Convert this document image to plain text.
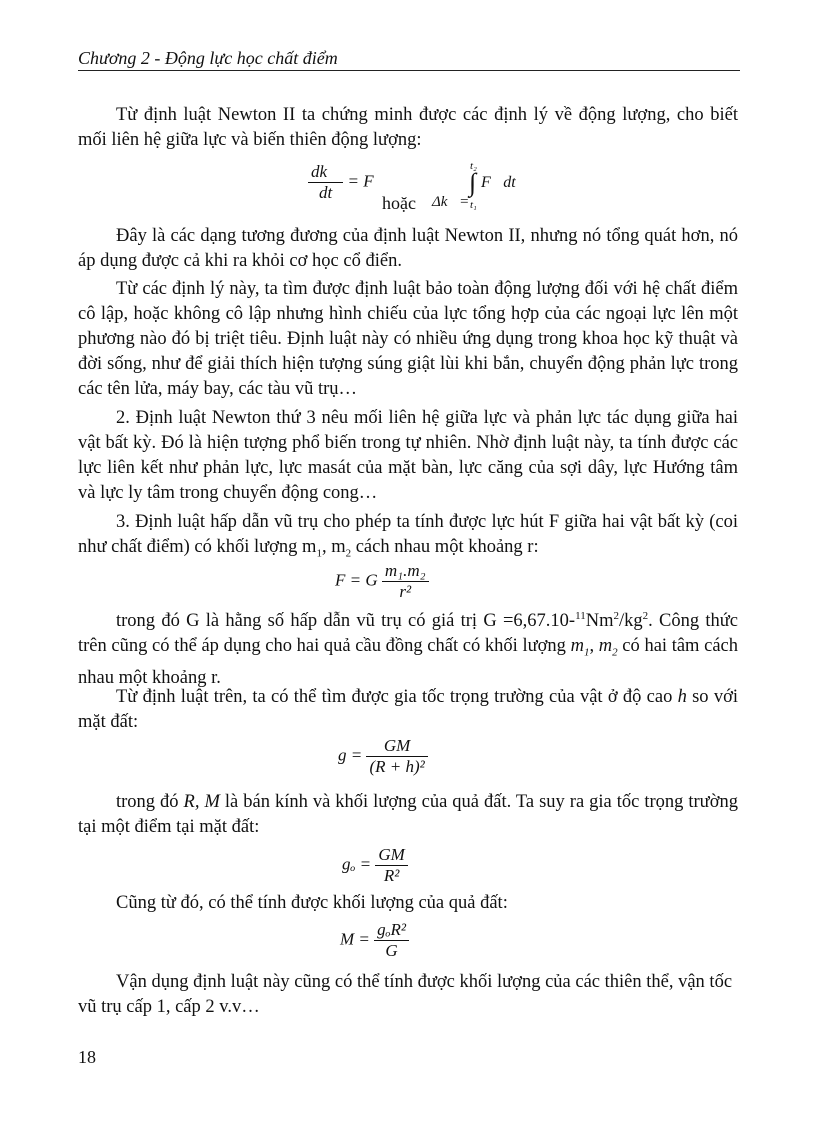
Chương 2 - Động lực học chất điểm

Từ định luật Newton II ta chứng minh được các định lý về động lượng, cho biết mối liên hệ giữa lực và biến thiên động lượng:

$\frac{dk⃗}{dt}$ = F⃗
hoặc Δk⃗=
t₂
∫
t₁
F⃗dt

Đây là các dạng tương đương của định luật Newton II, nhưng nó tổng quát hơn, nó áp dụng được cả khi ra khỏi cơ học cổ điển.

Từ các định lý này, ta tìm được định luật bảo toàn động lượng đối với hệ chất điểm cô lập, hoặc không cô lập nhưng hình chiếu của lực tổng hợp của các ngoại lực lên một phương nào đó bị triệt tiêu. Định luật này có nhiều ứng dụng trong khoa học kỹ thuật và đời sống, như để giải thích hiện tượng súng giật lùi khi bắn, chuyển động phản lực trong các tên lửa, máy bay, các tàu vũ trụ…

2. Định luật Newton thứ 3 nêu mối liên hệ giữa lực và phản lực tác dụng giữa hai vật bất kỳ. Đó là hiện tượng phổ biến trong tự nhiên. Nhờ định luật này, ta tính được các lực liên kết như phản lực, lực masát của mặt bàn, lực căng của sợi dây, lực Hướng tâm và lực ly tâm trong chuyển động cong…

3. Định luật hấp dẫn vũ trụ cho phép ta tính được lực hút F giữa hai vật bất kỳ (coi như chất điểm) có khối lượng $m_1$, $m_2$ cách nhau một khoảng r:

F = G $\frac{\text{m₁.m₂}}{\text{r²}}$

trong đó G là hằng số hấp dẫn vũ trụ có giá trị $G =6,67.10-^{11}Nm^2/kg^2$. Công thức trên cũng có thể áp dụng cho hai quả cầu đồng chất có khối lượng $m_1$, $m_2$ có hai tâm cách nhau một khoảng r.

Từ định luật trên, ta có thể tìm được gia tốc trọng trường của vật ở độ cao h so với mặt đất:

$g = \frac{GM}{\text{(R + h)²}}$

trong đó R, M là bán kính và khối lượng của quả đất. Ta suy ra gia tốc trọng trường tại một điểm tại mặt đất:

$g_o = \frac{GM}{\text{R²}}$

Cũng từ đó, có thể tính được khối lượng của quả đất:

$M = \frac{\text{gₒR²}}{G}$

Vận dụng định luật này cũng có thể tính được khối lượng của các thiên thể, vận tốc vũ trụ cấp 1, cấp 2 v.v…

18
